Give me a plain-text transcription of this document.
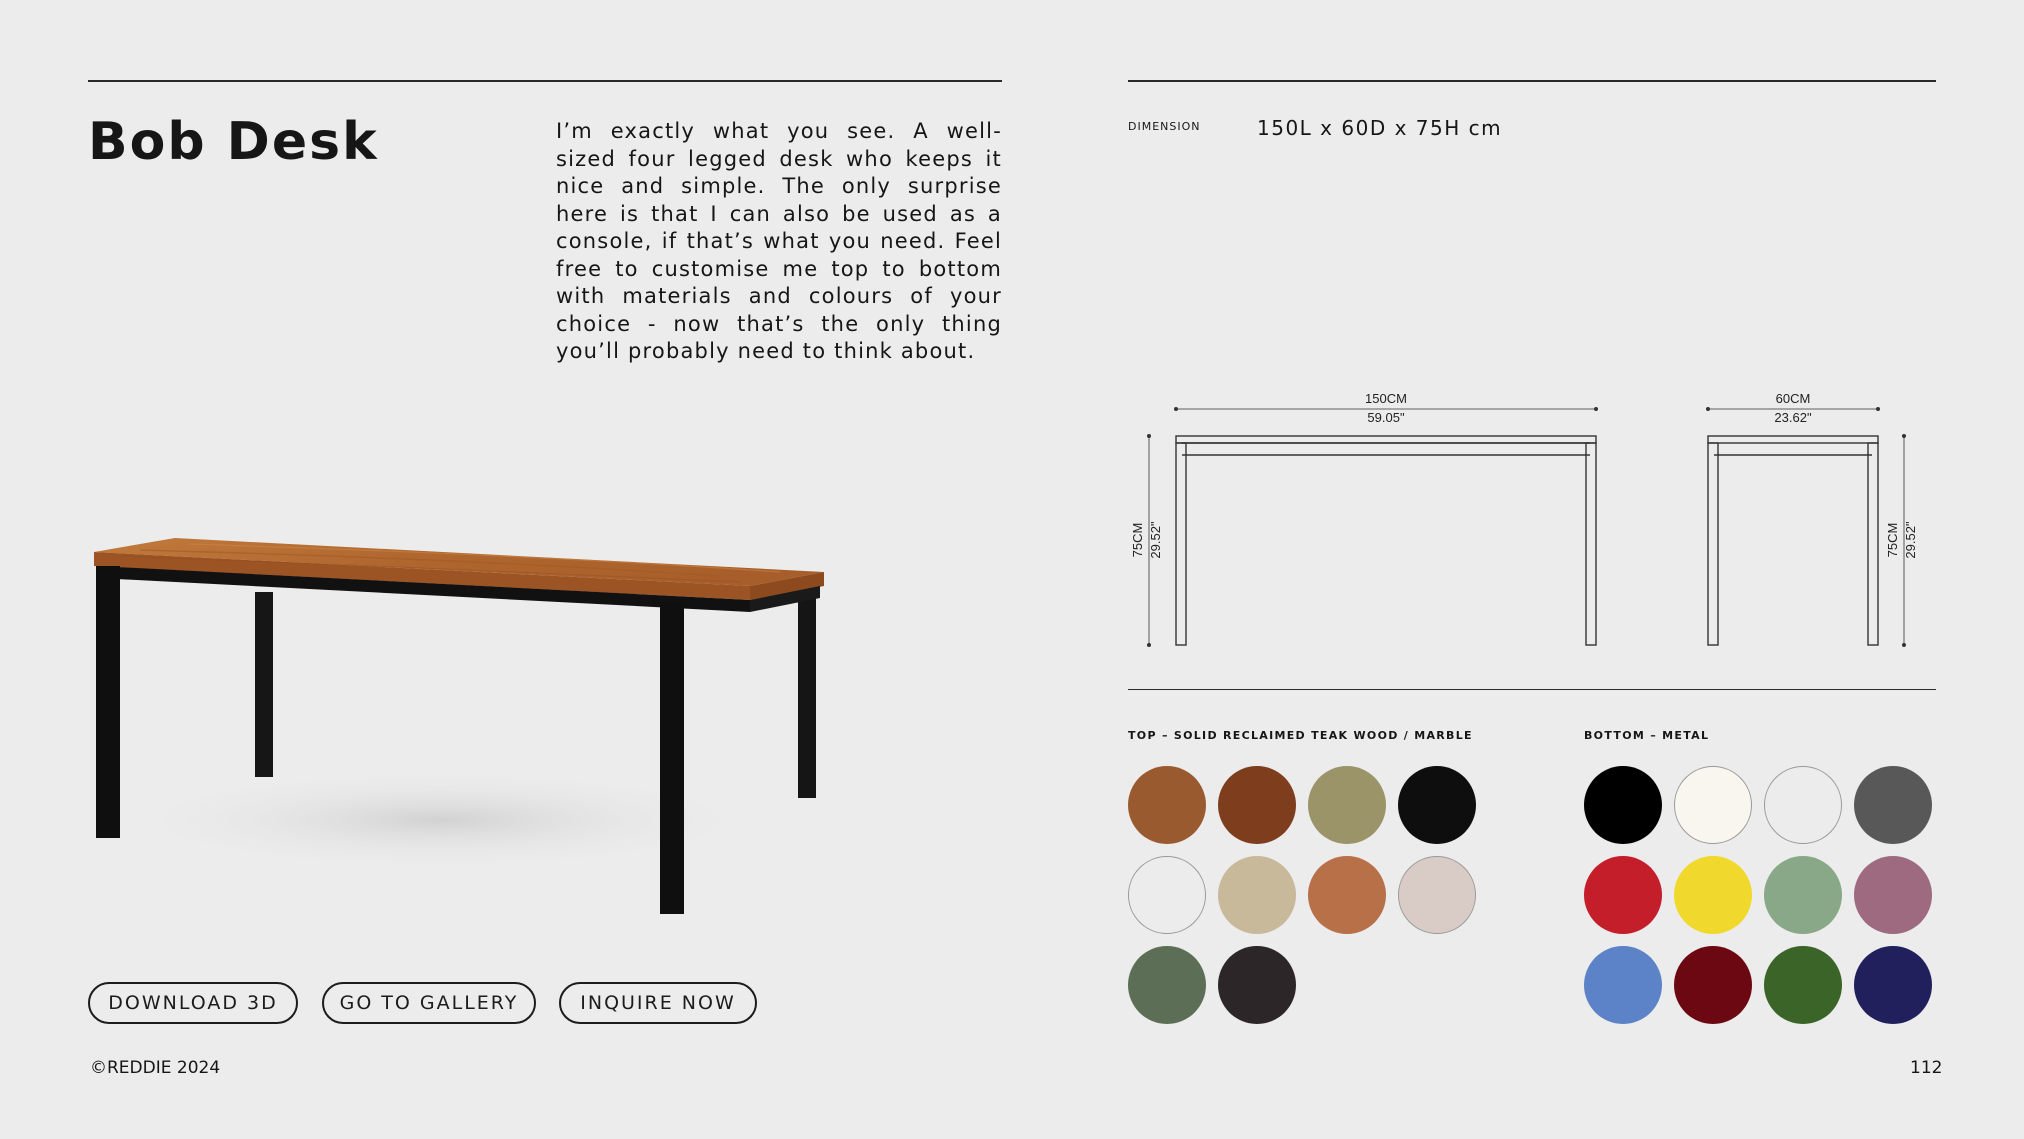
Bob Desk	I’m exactly what you see. A well-sized four legged desk who keeps it nice and simple. The only surprise here is that I can also be used as a console, if that’s what you need. Feel free to customise me top to bottom with materials and colours of your choice - now that’s the only thing you’ll probably need to think about.

DIMENSION	150L x 60D x 75H cm
150CM
59.05"
60CM
23.62"
75CM 29.52"	75CM 29.52"
TOP – SOLID RECLAIMED TEAK WOOD / MARBLE	BOTTOM – METAL
DOWNLOAD 3D	GO TO GALLERY	INQUIRE NOW
©REDDIE 2024	112
